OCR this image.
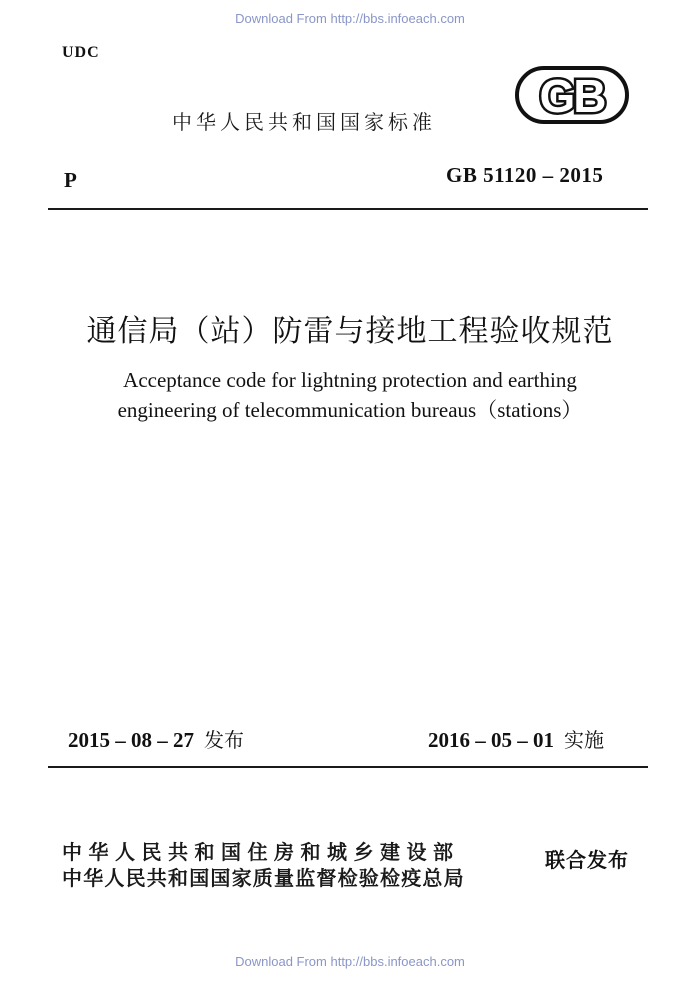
Download From http://bbs.infoeach.com
UDC
中华人民共和国国家标准 GB
P	GB 51120 – 2015
通信局（站）防雷与接地工程验收规范
Acceptance code for lightning protection and earthing
engineering of telecommunication bureaus（stations）
2015 – 08 – 27 发布	2016 – 05 – 01 实施
中华人民共和国住房和城乡建设部
中华人民共和国国家质量监督检验检疫总局
联合发布
Download From http://bbs.infoeach.com
